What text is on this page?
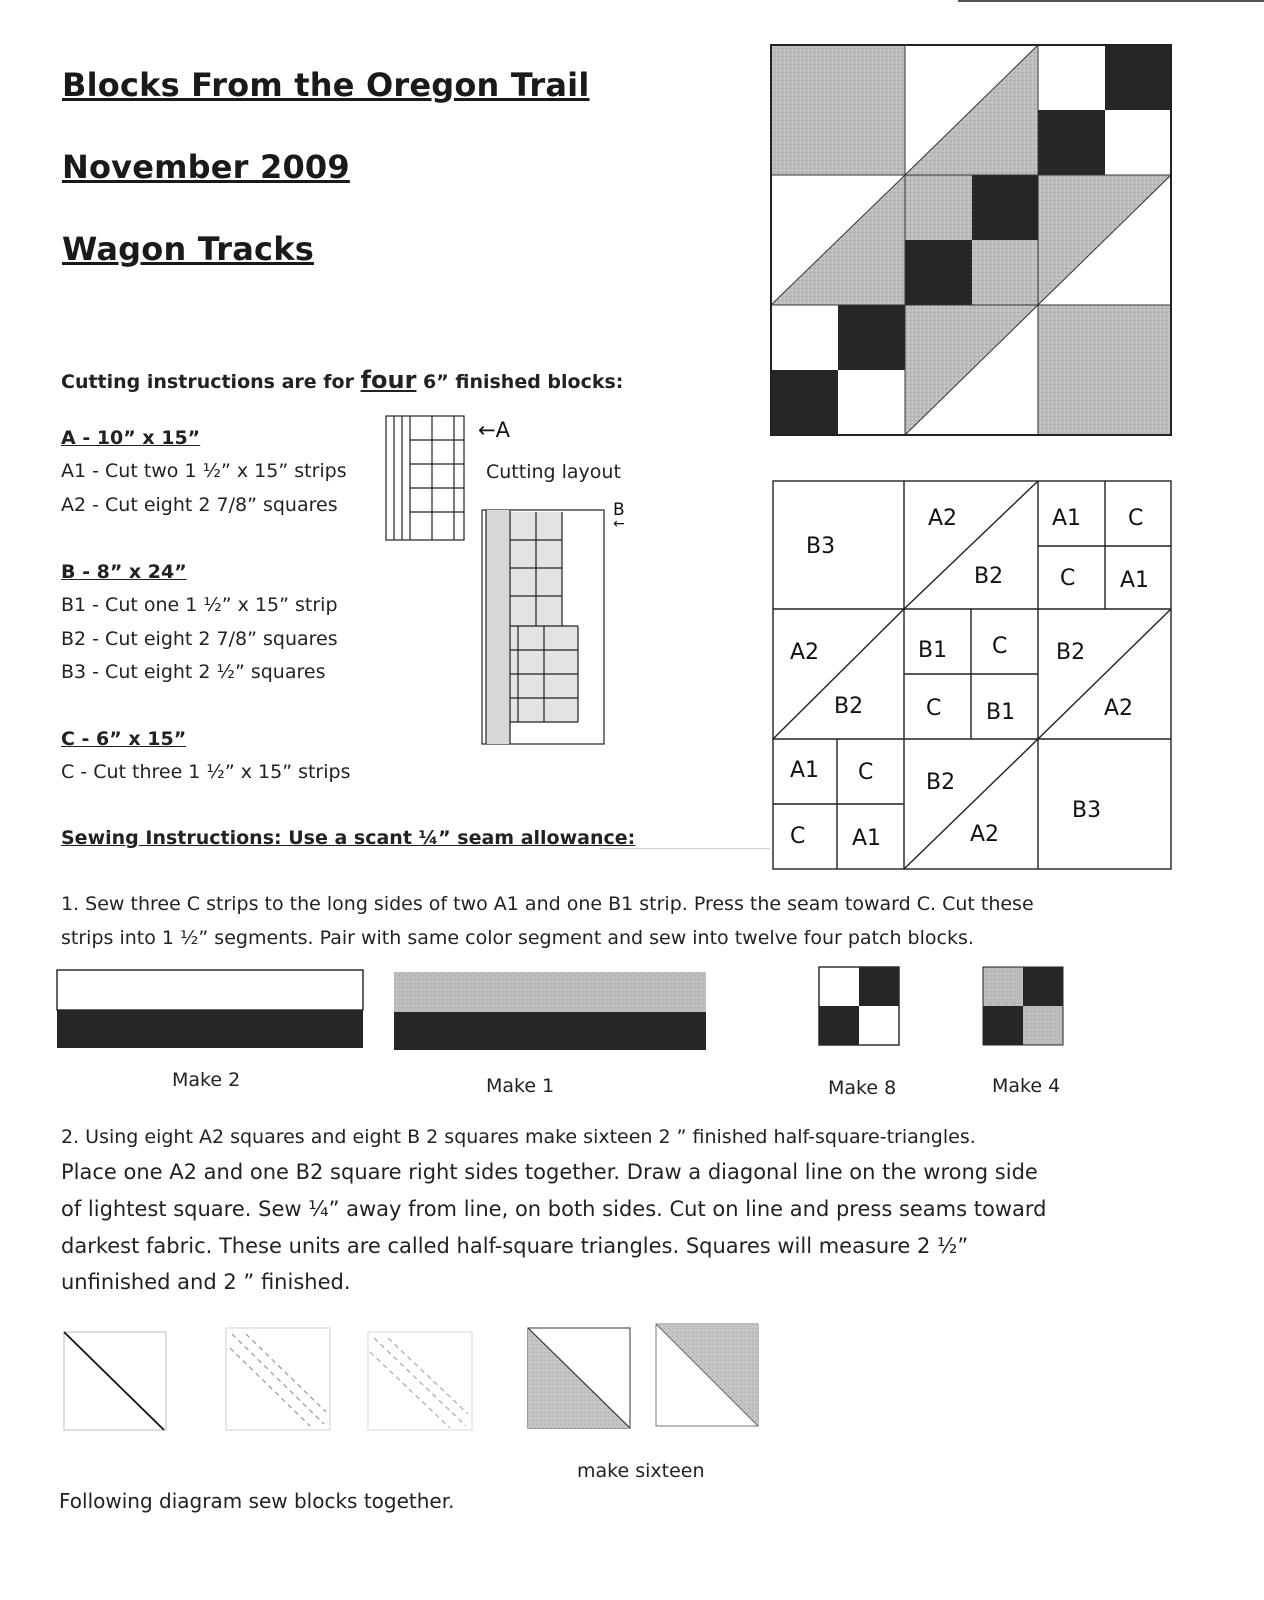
Blocks From the Oregon Trail
November 2009
Wagon Tracks
Cutting instructions are for four 6” finished blocks:
A - 10” x 15”
A1 - Cut two 1 ½” x 15” strips
A2 - Cut eight 2 7/8” squares
B - 8” x 24”
B1 - Cut one 1 ½” x 15” strip
B2 - Cut eight 2 7/8” squares
B3 - Cut eight 2 ½” squares
C - 6” x 15”
C - Cut three 1 ½” x 15” strips
←A
Cutting layout
B
←
Sewing Instructions: Use a scant ¼” seam allowance:
B3
A2
B2
A1 C
C A1
A2
B2
B1 C
C B1
B2
A2
A1 C
C A1
B2
A2
B3
1. Sew three C strips to the long sides of two A1 and one B1 strip. Press the seam toward C. Cut these
strips into 1 ½” segments. Pair with same color segment and sew into twelve four patch blocks.
Make 2	Make 1	Make 8	Make 4
2. Using eight A2 squares and eight B 2 squares make sixteen 2 ” finished half-square-triangles.
Place one A2 and one B2 square right sides together. Draw a diagonal line on the wrong side
of lightest square. Sew ¼” away from line, on both sides. Cut on line and press seams toward
darkest fabric. These units are called half-square triangles. Squares will measure 2 ½”
unfinished and 2 ” finished.
make sixteen
Following diagram sew blocks together.
